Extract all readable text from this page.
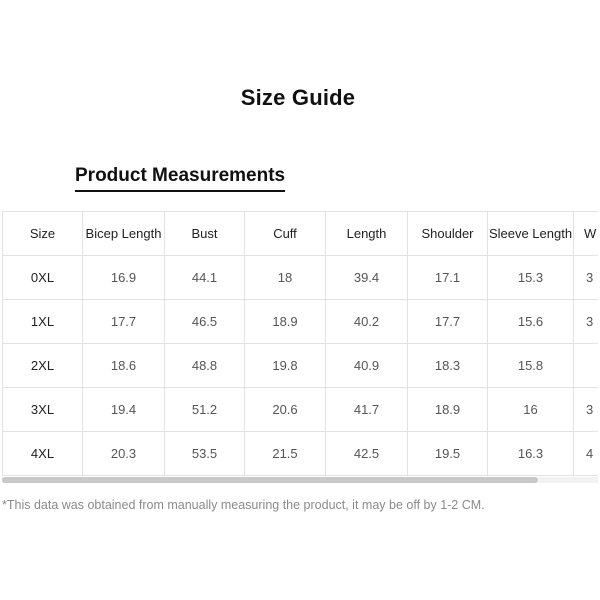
Size Guide
Product Measurements
Size	Bicep Length	Bust	Cuff	Length	Shoulder	Sleeve Length	W
0XL	16.9	44.1	18	39.4	17.1	15.3	3
1XL	17.7	46.5	18.9	40.2	17.7	15.6	3
2XL	18.6	48.8	19.8	40.9	18.3	15.8	
3XL	19.4	51.2	20.6	41.7	18.9	16	3
4XL	20.3	53.5	21.5	42.5	19.5	16.3	4
*This data was obtained from manually measuring the product, it may be off by 1-2 CM.
